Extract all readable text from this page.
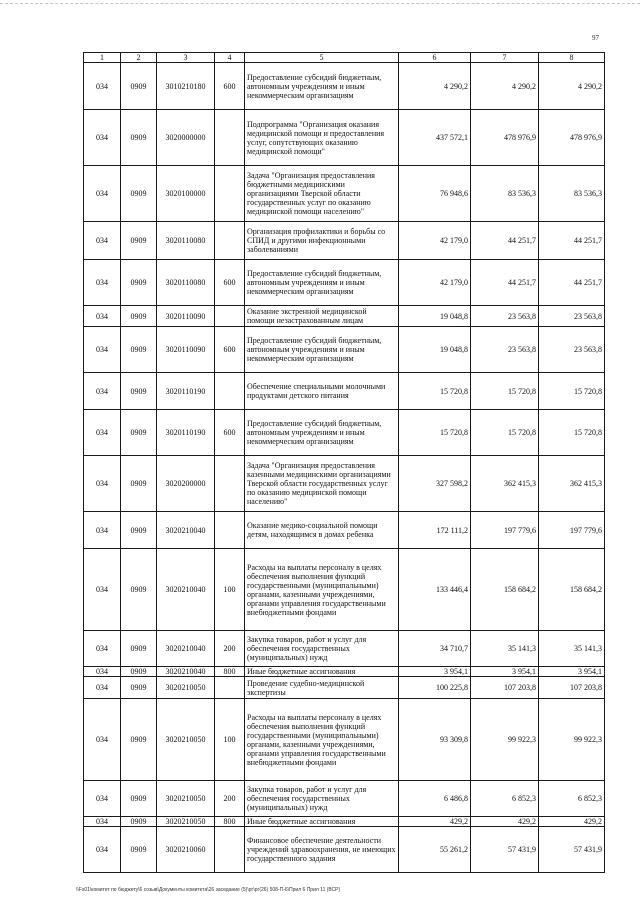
97
1	2	3	4	5	6	7	8
034	0909	3010210180	600	Предоставление субсидий бюджетным, автономным учреждениям и иным некоммерческим организациям	4 290,2	4 290,2	4 290,2
034	0909	3020000000		Подпрограмма "Организация оказания медицинской помощи и предоставления услуг, сопутствующих оказанию медицинской помощи"	437 572,1	478 976,9	478 976,9
034	0909	3020100000		Задача "Организация предоставления бюджетными медицинскими организациями Тверской области государственных услуг по оказанию медицинской помощи населению"	76 948,6	83 536,3	83 536,3
034	0909	3020110080		Организация профилактики и борьбы со СПИД и другими инфекционными заболеваниями	42 179,0	44 251,7	44 251,7
034	0909	3020110080	600	Предоставление субсидий бюджетным, автономным учреждениям и иным некоммерческим организациям	42 179,0	44 251,7	44 251,7
034	0909	3020110090		Оказание экстренной медицинской помощи незастрахованным лицам	19 048,8	23 563,8	23 563,8
034	0909	3020110090	600	Предоставление субсидий бюджетным, автономным учреждениям и иным некоммерческим организациям	19 048,8	23 563,8	23 563,8
034	0909	3020110190		Обеспечение специальными молочными продуктами детского питания	15 720,8	15 720,8	15 720,8
034	0909	3020110190	600	Предоставление субсидий бюджетным, автономным учреждениям и иным некоммерческим организациям	15 720,8	15 720,8	15 720,8
034	0909	3020200000		Задача "Организация предоставления казенными медицинскими организациями Тверской области государственных услуг по оказанию медицинской помощи населению"	327 598,2	362 415,3	362 415,3
034	0909	3020210040		Оказание медико-социальной помощи детям, находящимся в домах ребенка	172 111,2	197 779,6	197 779,6
034	0909	3020210040	100	Расходы на выплаты персоналу в целях обеспечения выполнения функций государственными (муниципальными) органами, казенными учреждениями, органами управления государственными внебюджетными фондами	133 446,4	158 684,2	158 684,2
034	0909	3020210040	200	Закупка товаров, работ и услуг для обеспечения государственных (муниципальных) нужд	34 710,7	35 141,3	35 141,3
034	0909	3020210040	800	Иные бюджетные ассигнования	3 954,1	3 954,1	3 954,1
034	0909	3020210050		Проведение судебно-медицинской экспертизы	100 225,8	107 203,8	107 203,8
034	0909	3020210050	100	Расходы на выплаты персоналу в целях обеспечения выполнения функций государственными (муниципальными) органами, казенными учреждениями, органами управления государственными внебюджетными фондами	93 309,8	99 922,3	99 922,3
034	0909	3020210050	200	Закупка товаров, работ и услуг для обеспечения государственных (муниципальных) нужд	6 486,8	6 852,3	6 852,3
034	0909	3020210050	800	Иные бюджетные ассигнования	429,2	429,2	429,2
034	0909	3020210060		Финансовое обеспечение деятельности учреждений здравоохранения, не имеющих государственного задания	55 261,2	57 431,9	57 431,9
\\Fs01\комитет по бюджету\6 созыв\Документы комитета\26 заседание (5)\рг\рг(26) 508-П-6\Прил 6 Прил 11 (ВСР)
